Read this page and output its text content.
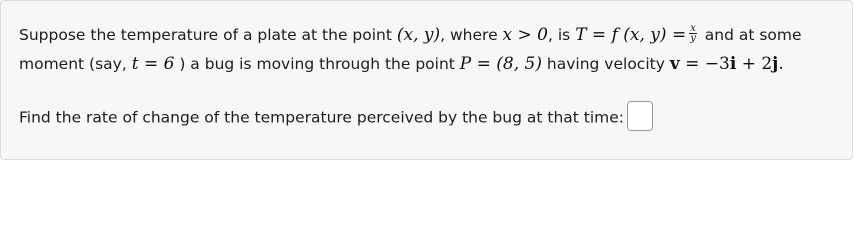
Suppose the temperature of a plate at the point (x, y), where x > 0, is T = f (x, $y) = \frac{x}{y}$ and at some
moment (say, t = 6 ) a bug is moving through the point P = (8, 5) having velocity v = −3i + 2j.
Find the rate of change of the temperature perceived by the bug at that time:
